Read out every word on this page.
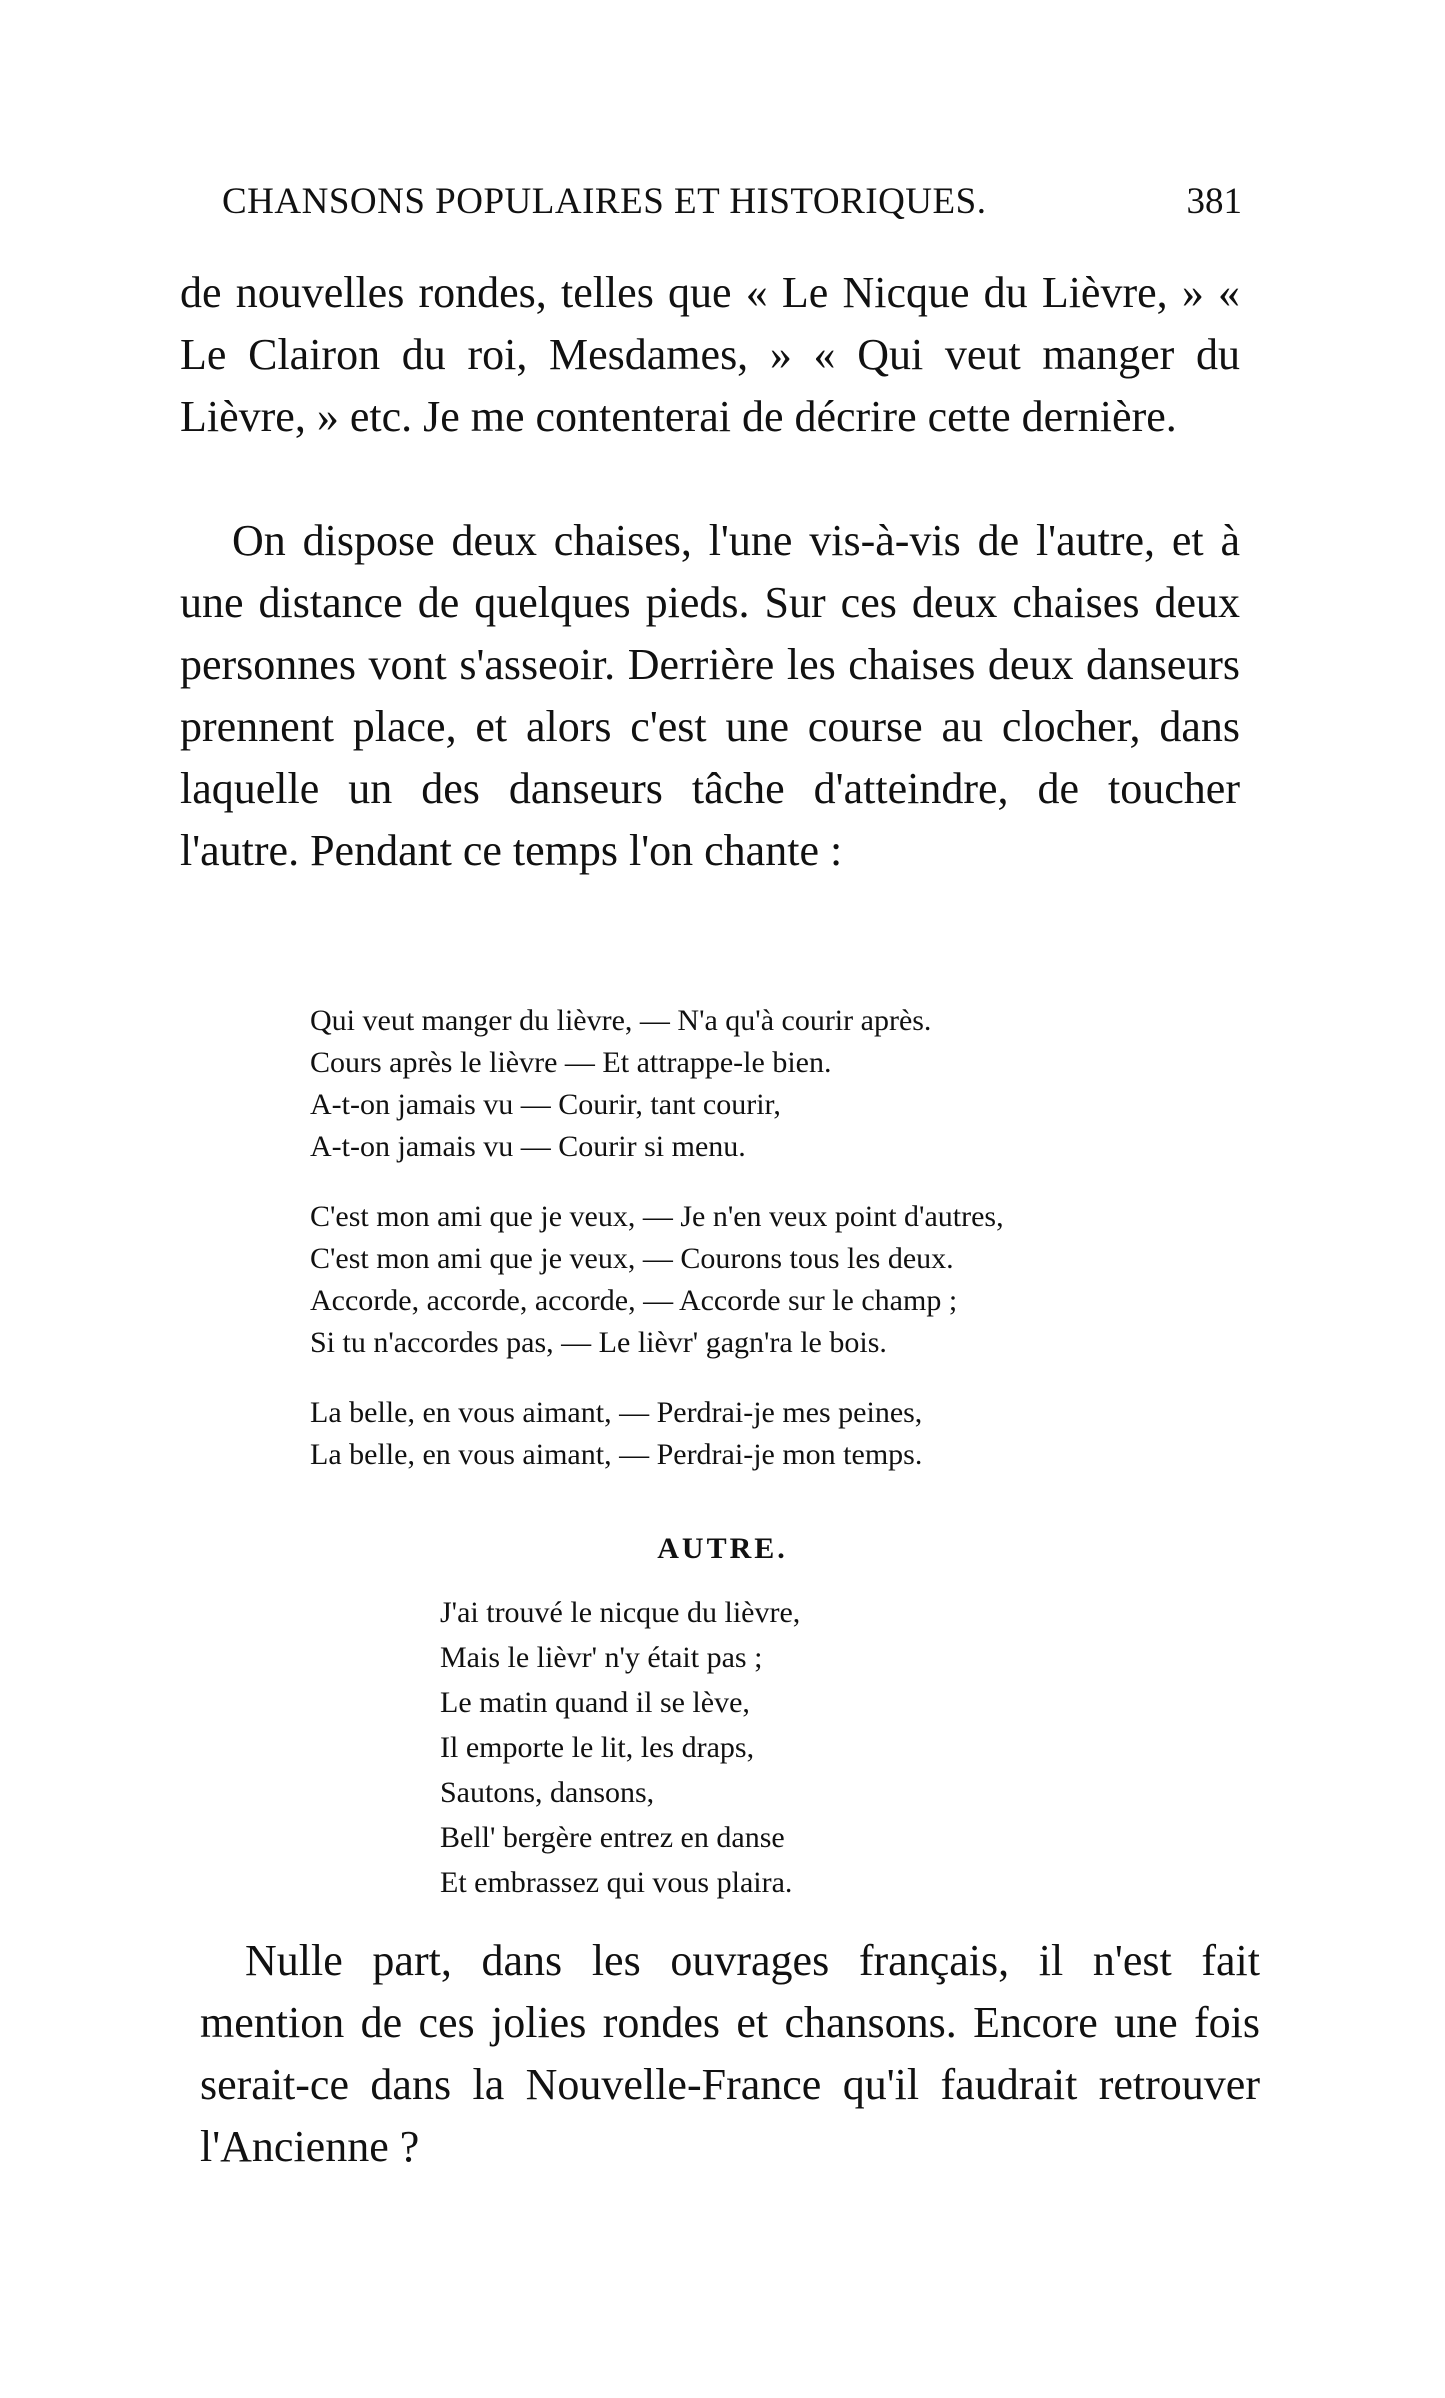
CHANSONS POPULAIRES ET HISTORIQUES.	381

de nouvelles rondes, telles que « Le Nicque du Lièvre, » « Le Clairon du roi, Mesdames, » « Qui veut manger du Lièvre, » etc. Je me contenterai de décrire cette dernière.

On dispose deux chaises, l'une vis-à-vis de l'autre, et à une distance de quelques pieds. Sur ces deux chaises deux personnes vont s'asseoir. Derrière les chaises deux danseurs prennent place, et alors c'est une course au clocher, dans laquelle un des danseurs tâche d'atteindre, de toucher l'autre. Pendant ce temps l'on chante :

Qui veut manger du lièvre, — N'a qu'à courir après.
Cours après le lièvre — Et attrappe-le bien.
A-t-on jamais vu — Courir, tant courir,
A-t-on jamais vu — Courir si menu.
C'est mon ami que je veux, — Je n'en veux point d'autres,
C'est mon ami que je veux, — Courons tous les deux.
Accorde, accorde, accorde, — Accorde sur le champ ;
Si tu n'accordes pas, — Le lièvr' gagn'ra le bois.
La belle, en vous aimant, — Perdrai-je mes peines,
La belle, en vous aimant, — Perdrai-je mon temps.
AUTRE.
J'ai trouvé le nicque du lièvre,
Mais le lièvr' n'y était pas ;
Le matin quand il se lève,
Il emporte le lit, les draps,
Sautons, dansons,
Bell' bergère entrez en danse
Et embrassez qui vous plaira.

Nulle part, dans les ouvrages français, il n'est fait mention de ces jolies rondes et chansons. Encore une fois serait-ce dans la Nouvelle-France qu'il faudrait retrouver l'Ancienne ?
